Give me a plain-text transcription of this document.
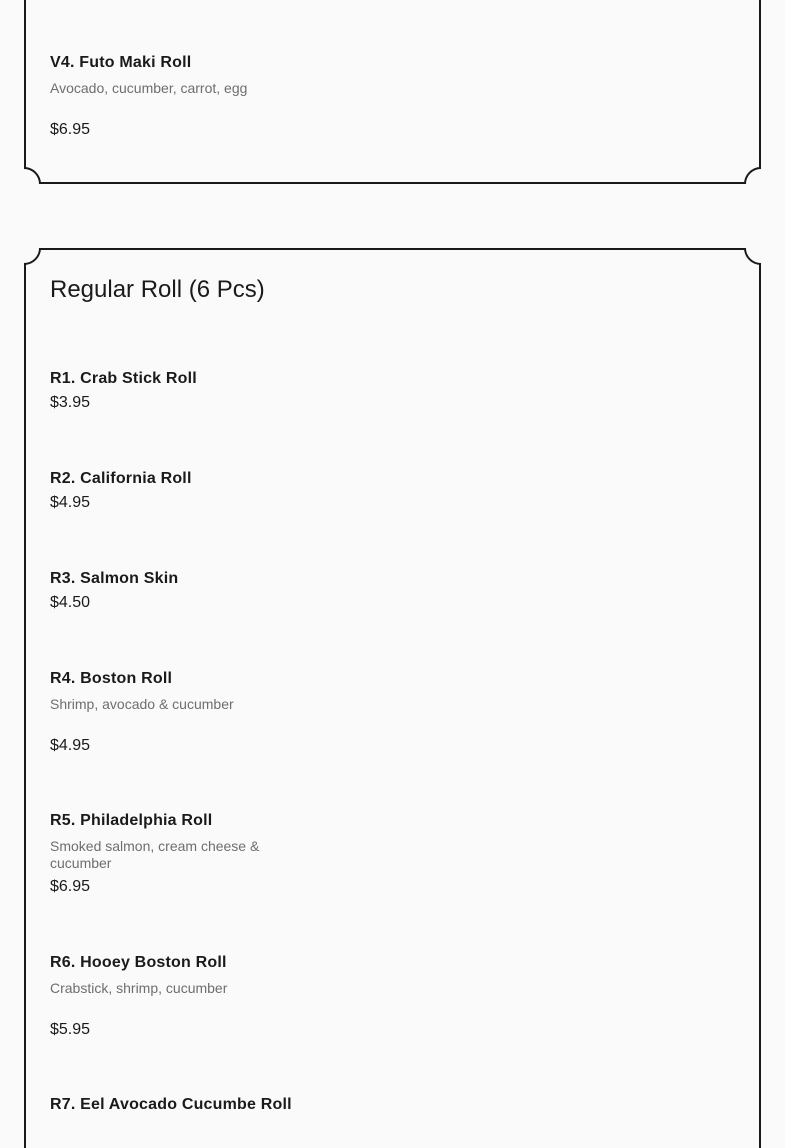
V4. Futo Maki Roll
Avocado, cucumber, carrot, egg
$6.95
Regular Roll (6 Pcs)
R1. Crab Stick Roll
$3.95
R2. California Roll
$4.95
R3. Salmon Skin
$4.50
R4. Boston Roll
Shrimp, avocado & cucumber
$4.95
R5. Philadelphia Roll
Smoked salmon, cream cheese & cucumber
$6.95
R6. Hooey Boston Roll
Crabstick, shrimp, cucumber
$5.95
R7. Eel Avocado Cucumbe Roll
